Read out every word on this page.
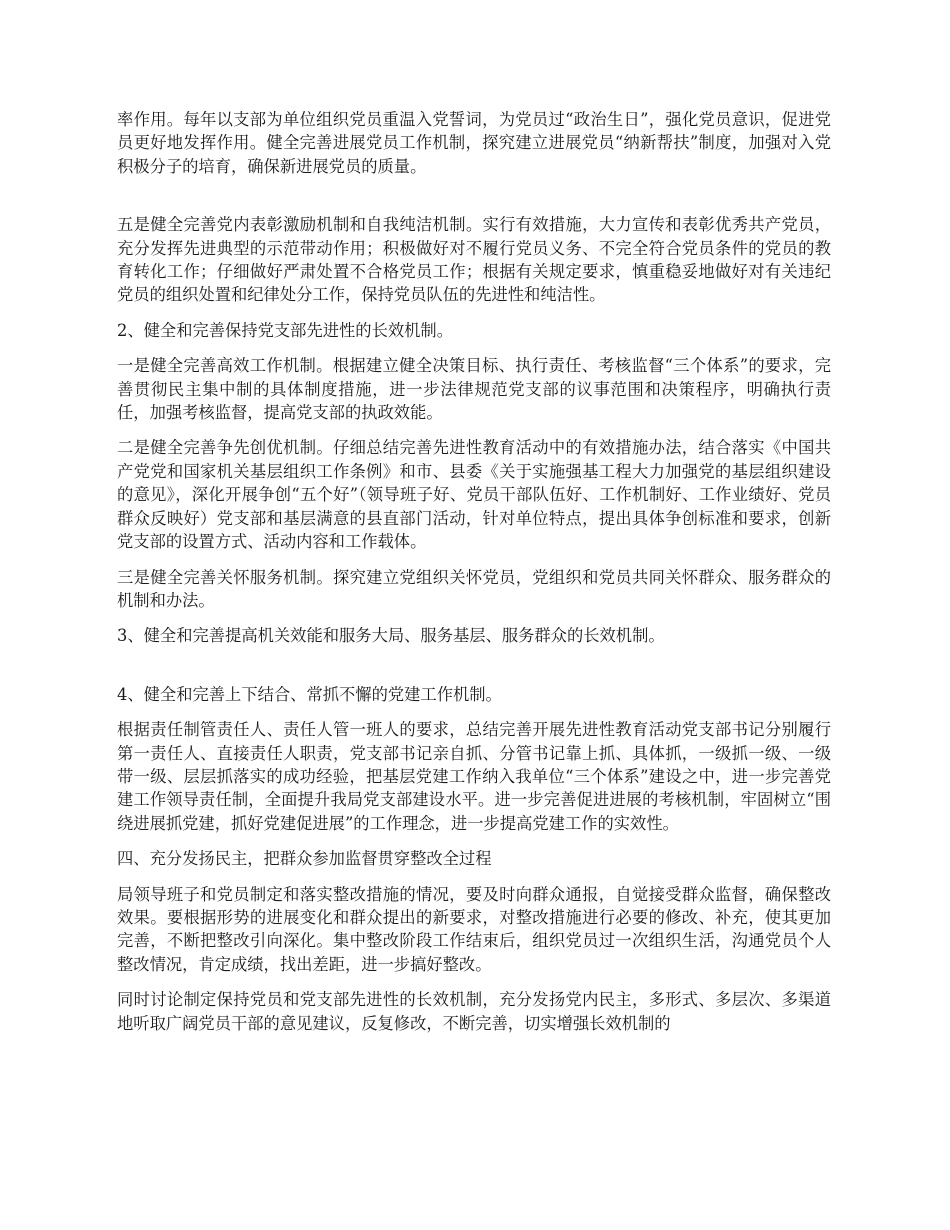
率作用。每年以支部为单位组织党员重温入党誓词，为党员过“政治生日”，强化党员意识，促进党员更好地发挥作用。健全完善进展党员工作机制，探究建立进展党员“纳新帮扶”制度，加强对入党积极分子的培育，确保新进展党员的质量。

五是健全完善党内表彰激励机制和自我纯洁机制。实行有效措施，大力宣传和表彰优秀共产党员，充分发挥先进典型的示范带动作用；积极做好对不履行党员义务、不完全符合党员条件的党员的教育转化工作；仔细做好严肃处置不合格党员工作；根据有关规定要求，慎重稳妥地做好对有关违纪党员的组织处置和纪律处分工作，保持党员队伍的先进性和纯洁性。

2、健全和完善保持党支部先进性的长效机制。

一是健全完善高效工作机制。根据建立健全决策目标、执行责任、考核监督“三个体系”的要求，完善贯彻民主集中制的具体制度措施，进一步法律规范党支部的议事范围和决策程序，明确执行责任，加强考核监督，提高党支部的执政效能。

二是健全完善争先创优机制。仔细总结完善先进性教育活动中的有效措施办法，结合落实《中国共产党党和国家机关基层组织工作条例》和市、县委《关于实施强基工程大力加强党的基层组织建设的意见》，深化开展争创“五个好”（领导班子好、党员干部队伍好、工作机制好、工作业绩好、党员群众反映好）党支部和基层满意的县直部门活动，针对单位特点，提出具体争创标准和要求，创新党支部的设置方式、活动内容和工作载体。

三是健全完善关怀服务机制。探究建立党组织关怀党员，党组织和党员共同关怀群众、服务群众的机制和办法。

3、健全和完善提高机关效能和服务大局、服务基层、服务群众的长效机制。

4、健全和完善上下结合、常抓不懈的党建工作机制。

根据责任制管责任人、责任人管一班人的要求，总结完善开展先进性教育活动党支部书记分别履行第一责任人、直接责任人职责，党支部书记亲自抓、分管书记靠上抓、具体抓，一级抓一级、一级带一级、层层抓落实的成功经验，把基层党建工作纳入我单位“三个体系”建设之中，进一步完善党建工作领导责任制，全面提升我局党支部建设水平。进一步完善促进进展的考核机制，牢固树立“围绕进展抓党建，抓好党建促进展”的工作理念，进一步提高党建工作的实效性。

四、充分发扬民主，把群众参加监督贯穿整改全过程

局领导班子和党员制定和落实整改措施的情况，要及时向群众通报，自觉接受群众监督，确保整改效果。要根据形势的进展变化和群众提出的新要求，对整改措施进行必要的修改、补充，使其更加完善，不断把整改引向深化。集中整改阶段工作结束后，组织党员过一次组织生活，沟通党员个人整改情况，肯定成绩，找出差距，进一步搞好整改。

同时讨论制定保持党员和党支部先进性的长效机制，充分发扬党内民主，多形式、多层次、多渠道地听取广阔党员干部的意见建议，反复修改，不断完善，切实增强长效机制的
